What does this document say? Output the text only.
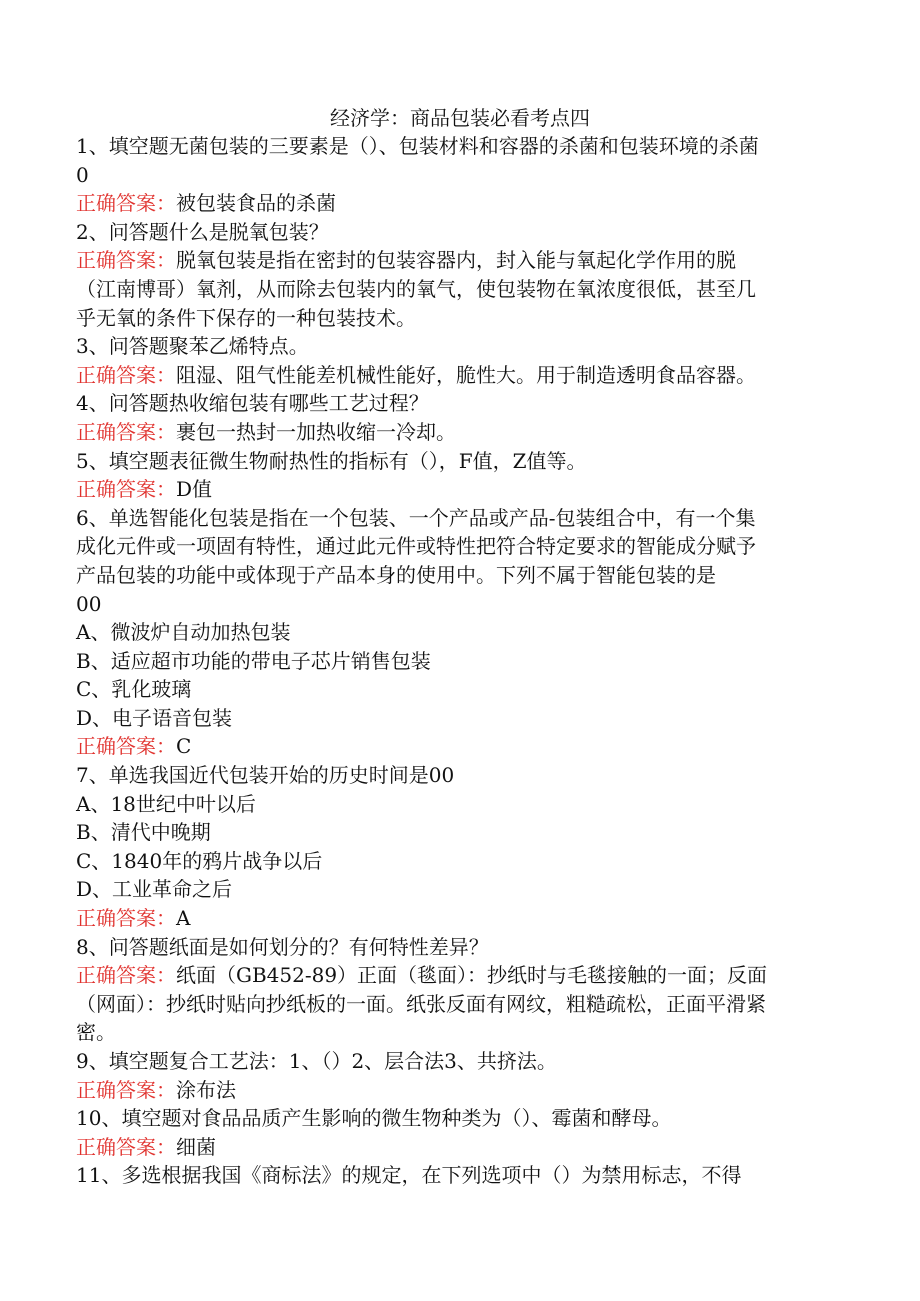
经济学：商品包装必看考点四
1、填空题无菌包装的三要素是（）、包装材料和容器的杀菌和包装环境的杀菌
0
正确答案：被包装食品的杀菌
2、问答题什么是脱氧包装？
正确答案：脱氧包装是指在密封的包装容器内，封入能与氧起化学作用的脱
（江南博哥）氧剂，从而除去包装内的氧气，使包装物在氧浓度很低，甚至几
乎无氧的条件下保存的一种包装技术。
3、问答题聚苯乙烯特点。
正确答案：阻湿、阻气性能差机械性能好，脆性大。用于制造透明食品容器。
4、问答题热收缩包装有哪些工艺过程？
正确答案：裹包一热封一加热收缩一冷却。
5、填空题表征微生物耐热性的指标有（），F值，Z值等。
正确答案：D值
6、单选智能化包装是指在一个包装、一个产品或产品-包装组合中，有一个集
成化元件或一项固有特性，通过此元件或特性把符合特定要求的智能成分赋予
产品包装的功能中或体现于产品本身的使用中。下列不属于智能包装的是
00
A、微波炉自动加热包装
B、适应超市功能的带电子芯片销售包装
C、乳化玻璃
D、电子语音包装
正确答案：C
7、单选我国近代包装开始的历史时间是00
A、18世纪中叶以后
B、清代中晚期
C、1840年的鸦片战争以后
D、工业革命之后
正确答案：A
8、问答题纸面是如何划分的？有何特性差异？
正确答案：纸面（GB452-89）正面（毯面）：抄纸时与毛毯接触的一面；反面
（网面）：抄纸时贴向抄纸板的一面。纸张反面有网纹，粗糙疏松，正面平滑紧
密。
9、填空题复合工艺法：1、（）2、层合法3、共挤法。
正确答案：涂布法
10、填空题对食品品质产生影响的微生物种类为（）、霉菌和酵母。
正确答案：细菌
11、多选根据我国《商标法》的规定，在下列选项中（）为禁用标志，不得
